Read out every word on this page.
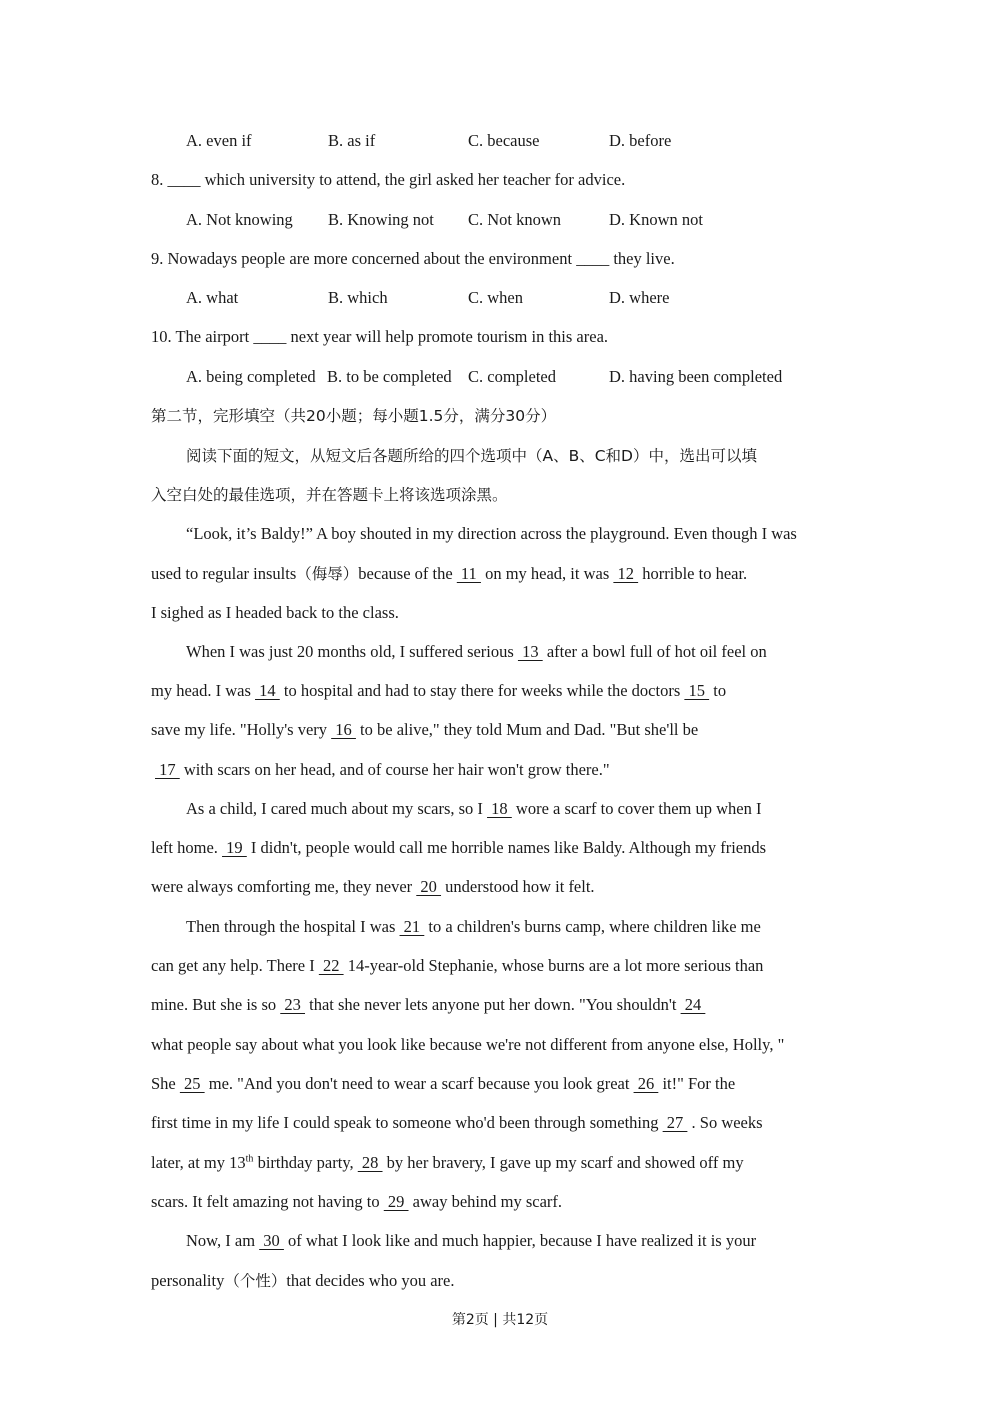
A. even if	B. as if	C. because	D. before
8. ____ which university to attend, the girl asked her teacher for advice.
A. Not knowing B. Knowing not C. Not known	D. Known not
9. Nowadays people are more concerned about the environment ____ they live.
A. what	B. which	C. when	D. where
10. The airport ____ next year will help promote tourism in this area.
A. being completed B. to be completed C. completed	D. having been completed
第二节，完形填空（共20小题；每小题1.5分，满分30分）
阅读下面的短文，从短文后各题所给的四个选项中（A、B、C和D）中，选出可以填
入空白处的最佳选项，并在答题卡上将该选项涂黑。
“Look, it’s Baldy!” A boy shouted in my direction across the playground. Even though I was
used to regular insults（侮辱）because of the  11  on my head, it was  12  horrible to hear.
I sighed as I headed back to the class.
When I was just 20 months old, I suffered serious  13  after a bowl full of hot oil feel on
my head. I was  14  to hospital and had to stay there for weeks while the doctors  15  to
save my life. "Holly's very  16  to be alive," they told Mum and Dad. "But she'll be
17  with scars on her head, and of course her hair won't grow there."
As a child, I cared much about my scars, so I  18  wore a scarf to cover them up when I
left home.  19  I didn't, people would call me horrible names like Baldy. Although my friends
were always comforting me, they never  20  understood how it felt.
Then through the hospital I was  21  to a children's burns camp, where children like me
can get any help. There I  22  14-year-old Stephanie, whose burns are a lot more serious than
mine. But she is so  23  that she never lets anyone put her down. "You shouldn't  24
what people say about what you look like because we're not different from anyone else, Holly, "
She  25  me. "And you don't need to wear a scarf because you look great  26  it!" For the
first time in my life I could speak to someone who'd been through something  27  . So weeks
later, at my 13th birthday party,  28  by her bravery, I gave up my scarf and showed off my
scars. It felt amazing not having to  29  away behind my scarf.
Now, I am  30  of what I look like and much happier, because I have realized it is your
personality（个性）that decides who you are.
第2页 | 共12页
